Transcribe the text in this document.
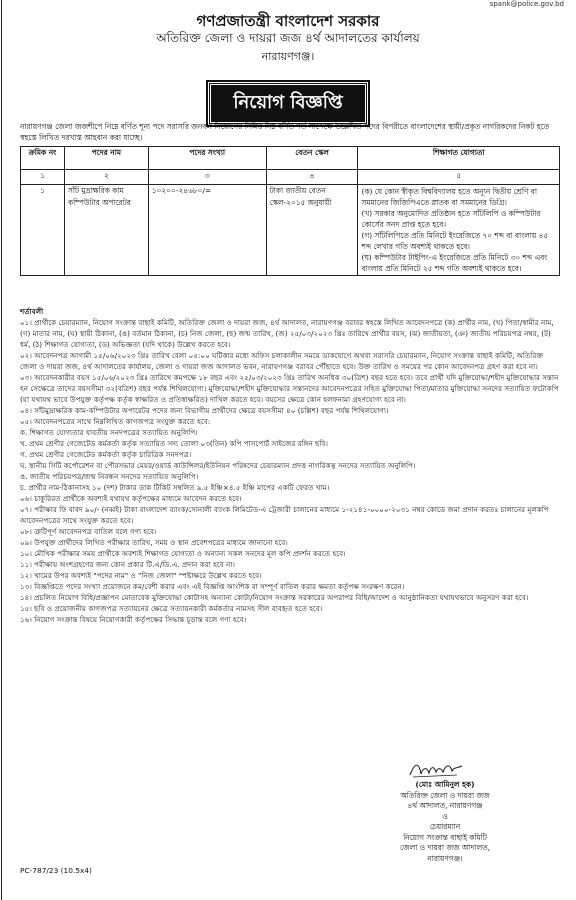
spank@police.gov.bd
গণপ্রজাতন্ত্রী বাংলাদেশ সরকার
অতিরিক্ত জেলা ও দায়রা জজ ৪র্থ আদালতের কার্যালয়
নারায়ণগঞ্জ।
নিয়োগ বিজ্ঞপ্তি
নারায়ণগঞ্জ জেলা জজশীপে নিম্নে বর্ণিত শূন্য পদে সরাসরি জনবল নিয়োগের নিমিত্ত নিম্ন বর্ণিত শর্ত সাপেক্ষে উল্লেখিত পদের বিপরীতে বাংলাদেশের স্থায়ী/প্রকৃত নাগরিকদের নিকট হতে স্বহস্তে লিখিত দরখাস্ত আহবান করা যাচ্ছে।
ক্রমিক নং	পদের নাম	পদের সংখ্যা	বেতন স্কেল	শিক্ষাগত যোগ্যতা
১	২	৩	৪	৫
১	সাঁট মুদ্রাক্ষরিক কাম কম্পিউটার অপারেটর	১০২০০-২৪৬৮০/=	টাকা জাতীয় বেতন স্কেল-২০১৫ অনুযায়ী	(ক) যে কোন স্বীকৃত বিশ্ববিদ্যালয় হতে অন্যূন দ্বিতীয় শ্রেণি বা সমমানের জিজিপিএতে স্নাতক বা সমমানের ডিগ্রি।
(খ) সরকার অনুমোদিত প্রতিষ্ঠান হতে সাঁটলিপি ও কম্পিউটার কোর্সের সনদ প্রাপ্ত হতে হবে।
(গ) সাঁটলিপিতে প্রতি মিনিটে ইংরেজিতে ৭০ শব্দ বা বাংলায় ৪৫ শব্দ লেখার গতি অবশ্যই থাকতে হবে।
(ঘ) কম্পিউটার টাইপিং-এ ইংরেজিতে প্রতি মিনিটে ৩০ শব্দ এবং বাংলায় প্রতি মিনিটে ২৫ শব্দ গতি অবশ্যই থাকতে হবে।
শর্তাবলী
০১। প্রার্থীকে চেয়ারম্যান, নিয়োগ সংক্রান্ত বাছাই কমিটি, অতিরিক্ত জেলা ও দায়রা জজ, ৪র্থ আদালত, নারায়ণগঞ্জ বরাবর স্বহস্তে লিখিত আবেদনপত্রে (ক) প্রার্থীর নাম, (খ) পিতা/স্বামীর নাম, (গ) মাতার নাম, (ঘ) স্থায়ী ঠিকানা, (ঙ) বর্তমান ঠিকানা, (চ) নিজ জেলা, (ছ) জন্ম তারিখ, (জ) ২৫/০৩/২০২৩ খ্রিঃ তারিখে প্রার্থীর বয়স, (ঝ) জাতীয়তা, (ঞ) জাতীয় পরিচয়পত্র নম্বর, (ট) ধর্ম, (ঠ) শিক্ষাগত যোগ্যতা, (ড) অভিজ্ঞতা (যদি থাকে) উল্লেখ করতে হবে।
০২। আবেদনপত্র আগামী ১৫/০৬/২০২৩ খ্রিঃ তারিখ বেলা ০৫:০০ ঘটিকার মধ্যে অফিস চলাকালীন সময়ে ডাকযোগে অথবা সরাসরি চেয়ারম্যান, নিয়োগ সংক্রান্ত বাছাই কমিটি, অতিরিক্ত জেলা ও দায়রা জজ, ৪র্থ আদালতের কার্যালয়, জেলা ও দায়রা জজ আদালত ভবন, নারায়ণগঞ্জ বরাবর পৌঁছাতে হবে। উক্ত তারিখ ও সময়ের পর কোন আবেদনপত্র গ্রহণ করা হবে না।
০৩। আবেদনকারীর বয়স ১৫/০৬/২০২৩ খ্রিঃ তারিখে কমপক্ষে ১৮ বছর এবং ২৫/০৩/২০২৩ খ্রিঃ তারিখ অনধিক ৩০(ত্রিশ) বছর হতে হবে। তবে প্রার্থী যদি মুক্তিযোদ্ধা/শহীদ মুক্তিযোদ্ধার সন্তান হন সেক্ষেত্রে তাদের বয়সসীমা ৩২(বত্রিশ) বছর পর্যন্ত শিথিলযোগ্য। মুক্তিযোদ্ধা/শহীদ মুক্তিযোদ্ধার সন্তানদের আবেদনপত্রের সহিত মুক্তিযোদ্ধা পিতা/মাতার মুক্তিযোদ্ধা সনদের সত্যায়িত ফটোকপি (যা যথাযথ ভাবে উপযুক্ত কর্তৃপক্ষ কর্তৃক স্বাক্ষরিত ও প্রতিস্বাক্ষরিত) দাখিল করতে হবে। বয়সের ক্ষেত্রে কোন হলফনামা গ্রহণযোগ্য হবে না।
০৪। সাঁটমুদ্রাক্ষরিক কাম-কম্পিউটার অপারেটর পদের জন্য বিভাগীয় প্রার্থীদের ক্ষেত্রে বয়সসীমা ৪০ (চল্লিশ) বছর পর্যন্ত শিথিলযোগ্য।
০৫। আবেদনপত্রের সাথে নিম্নলিখিত কাগজপত্র সংযুক্ত করতে হবে:
ক. শিক্ষাগত যোগ্যতার যাবতীয় সনদপত্রের সত্যায়িত অনুলিপি।
খ. প্রথম শ্রেণীর গেজেটেড কর্মকর্তা কর্তৃক সত্যায়িত সদ্য তোলা ০৩(তিন) কপি পাসপোর্ট সাইজের রঙ্গিন ছবি।
গ. প্রথম শ্রেণীর গেজেটেড কর্মকর্তা কর্তৃক চারিত্রিক সনদপত্র।
ঘ. স্থানীয় সিটি কর্পোরেশন বা পৌরসভার মেয়র/ওয়ার্ড কাউন্সিলর/ইউনিয়ন পরিষদের চেয়ারম্যান প্রদত্ত নাগরিকত্ব সনদের সত্যায়িত অনুলিপি।
ঙ. জাতীয় পরিচয়পত্র/জন্ম নিবন্ধন সনদের সত্যায়িত অনুলিপি।
চ. প্রার্থীর নাম-ঠিকানাসহ ১০ (দশ) টাকার ডাক টিকিট সম্বলিত ৯.৫ ইঞ্চি×৪.৫ ইঞ্চি মাপের একটি ফেরত খাম।
০৬। চাকুরিরত প্রার্থীকে অবশ্যই যথাযথ কর্তৃপক্ষের মাধ্যমে আবেদন করতে হবে।
০৭। পরীক্ষার ফি বাবদ ৯০/- (নব্বই) টাকা বাংলাদেশ ব্যাংক/সোনালী ব্যাংক লিমিটেড-এ ট্রেজারী চালানের মাধ্যমে ১-২১৪১-০০০০-২০৩১ নম্বর কোডে জমা প্রদান করতঃ চালানের মূলকপি আবেদনপত্রের সাথে সংযুক্ত করতে হবে।
০৮। ত্রুটিপূর্ণ আবেদনপত্র বাতিল বলে গণ্য হবে।
০৯। উপযুক্ত প্রার্থীদের লিখিত পরীক্ষার তারিখ, সময় ও স্থান প্রবেশপত্রের মাধ্যমে জানানো হবে।
১০। মৌখিক পরীক্ষার সময় প্রার্থীকে অবশ্যই শিক্ষাগত যোগ্যতা ও অন্যান্য সকল সনদের মূল কপি প্রদর্শন করতে হবে।
১১। পরীক্ষায় অংশগ্রহণের জন্য কোন প্রকার টি.এ/ডি.এ. প্রদান করা হবে না।
১২। খামের উপর অবশ্যই "পদের নাম" ও "নিজ জেলা" স্পষ্টাক্ষরে উল্লেখ করতে হবে।
১৩। বিজ্ঞপ্তিতে পদের সংখ্যা প্রয়োজনে কম/বেশী করার এবং এই বিজ্ঞপ্তি আংশিক বা সম্পূর্ণ বাতিল করার ক্ষমতা কর্তৃপক্ষ সংরক্ষণ করেন।
১৪। প্রচলিত নিয়োগ বিধি/প্রজ্ঞাপন মোতাবেক মুক্তিযোদ্ধা কোটাসহ অন্যান্য কোটা/নিয়োগ সংক্রান্ত সরকারের অপরাপর বিধি/আদেশ ও আনুষ্ঠানিকতা যথাযথভাবে অনুসরণ করা হবে।
১৫। ছবি ও প্রয়োজনীয় কাগজপত্র সত্যায়নের ক্ষেত্রে সত্যায়নকারী কর্মকর্তার নামসহ সীল ব্যবহৃত হতে হবে।
১৬। নিয়োগ সংক্রান্ত বিষয়ে নিয়োগকারী কর্তৃপক্ষের সিদ্ধান্ত চূড়ান্ত বলে গণ্য হবে।
(মোঃ আমিনুল হক)
অতিরিক্ত জেলা ও দায়রা জজ
৪র্থ আদালত, নারায়ণগঞ্জ
ও
চেয়ারম্যান
নিয়োগ সংক্রান্ত বাছাই কমিটি
জেলা ও দায়রা জজ আদালত,
নারায়ণগঞ্জ।
PC-787/23 (10.5x4)
